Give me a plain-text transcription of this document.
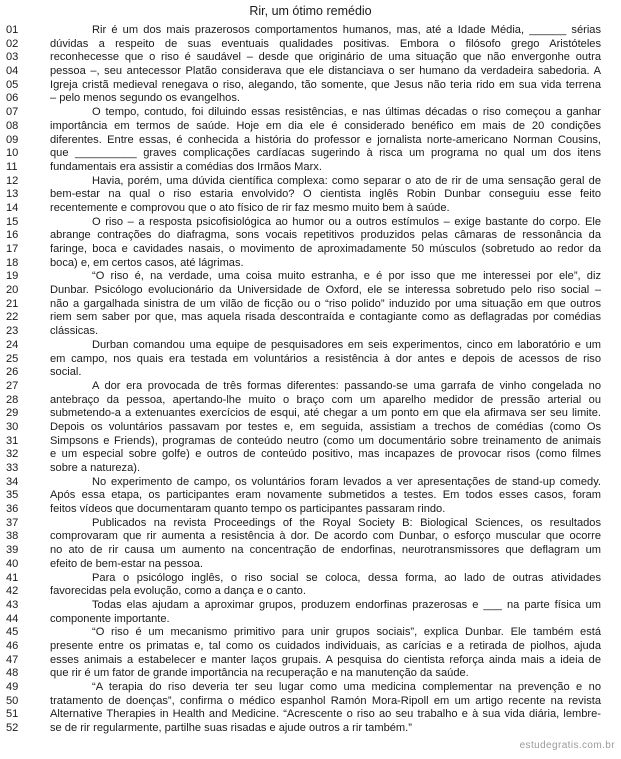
Rir, um ótimo remédio
01	Rir é um dos mais prazerosos comportamentos humanos, mas, até a Idade Média, ______ sérias
02	dúvidas a respeito de suas eventuais qualidades positivas. Embora o filósofo grego Aristóteles
03	reconhecesse que o riso é saudável – desde que originário de uma situação que não envergonhe outra
04	pessoa –, seu antecessor Platão considerava que ele distanciava o ser humano da verdadeira sabedoria. A
05	Igreja cristã medieval renegava o riso, alegando, tão somente, que Jesus não teria rido em sua vida terrena
06	– pelo menos segundo os evangelhos.
07	O tempo, contudo, foi diluindo essas resistências, e nas últimas décadas o riso começou a ganhar
08	importância em termos de saúde. Hoje em dia ele é considerado benéfico em mais de 20 condições
09	diferentes. Entre essas, é conhecida a história do professor e jornalista norte-americano Norman Cousins,
10	que __________ graves complicações cardíacas sugerindo à risca um programa no qual um dos itens
11	fundamentais era assistir a comédias dos Irmãos Marx.
12	Havia, porém, uma dúvida científica complexa: como separar o ato de rir de uma sensação geral de
13	bem-estar na qual o riso estaria envolvido? O cientista inglês Robin Dunbar conseguiu esse feito
14	recentemente e comprovou que o ato físico de rir faz mesmo muito bem à saúde.
15	O riso – a resposta psicofisiológica ao humor ou a outros estímulos – exige bastante do corpo. Ele
16	abrange contrações do diafragma, sons vocais repetitivos produzidos pelas câmaras de ressonância da
17	faringe, boca e cavidades nasais, o movimento de aproximadamente 50 músculos (sobretudo ao redor da
18	boca) e, em certos casos, até lágrimas.
19	“O riso é, na verdade, uma coisa muito estranha, e é por isso que me interessei por ele”, diz
20	Dunbar. Psicólogo evolucionário da Universidade de Oxford, ele se interessa sobretudo pelo riso social –
21	não a gargalhada sinistra de um vilão de ficção ou o “riso polido” induzido por uma situação em que outros
22	riem sem saber por que, mas aquela risada descontraída e contagiante como as deflagradas por comédias
23	clássicas.
24	Durban comandou uma equipe de pesquisadores em seis experimentos, cinco em laboratório e um
25	em campo, nos quais era testada em voluntários a resistência à dor antes e depois de acessos de riso
26	social.
27	A dor era provocada de três formas diferentes: passando-se uma garrafa de vinho congelada no
28	antebraço da pessoa, apertando-lhe muito o braço com um aparelho medidor de pressão arterial ou
29	submetendo-a a extenuantes exercícios de esqui, até chegar a um ponto em que ela afirmava ser seu limite.
30	Depois os voluntários passavam por testes e, em seguida, assistiam a trechos de comédias (como Os
31	Simpsons e Friends), programas de conteúdo neutro (como um documentário sobre treinamento de animais
32	e um especial sobre golfe) e outros de conteúdo positivo, mas incapazes de provocar risos (como filmes
33	sobre a natureza).
34	No experimento de campo, os voluntários foram levados a ver apresentações de stand-up comedy.
35	Após essa etapa, os participantes eram novamente submetidos a testes. Em todos esses casos, foram
36	feitos vídeos que documentaram quanto tempo os participantes passaram rindo.
37	Publicados na revista Proceedings of the Royal Society B: Biological Sciences, os resultados
38	comprovaram que rir aumenta a resistência à dor. De acordo com Dunbar, o esforço muscular que ocorre
39	no ato de rir causa um aumento na concentração de endorfinas, neurotransmissores que deflagram um
40	efeito de bem-estar na pessoa.
41	Para o psicólogo inglês, o riso social se coloca, dessa forma, ao lado de outras atividades
42	favorecidas pela evolução, como a dança e o canto.
43	Todas elas ajudam a aproximar grupos, produzem endorfinas prazerosas e ___ na parte física um
44	componente importante.
45	“O riso é um mecanismo primitivo para unir grupos sociais”, explica Dunbar. Ele também está
46	presente entre os primatas e, tal como os cuidados individuais, as carícias e a retirada de piolhos, ajuda
47	esses animais a estabelecer e manter laços grupais. A pesquisa do cientista reforça ainda mais a ideia de
48	que rir é um fator de grande importância na recuperação e na manutenção da saúde.
49	“A terapia do riso deveria ter seu lugar como uma medicina complementar na prevenção e no
50	tratamento de doenças”, confirma o médico espanhol Ramón Mora-Ripoll em um artigo recente na revista
51	Alternative Therapies in Health and Medicine. “Acrescente o riso ao seu trabalho e à sua vida diária, lembre-
52	se de rir regularmente, partilhe suas risadas e ajude outros a rir também.”
estudegratis.com.br
